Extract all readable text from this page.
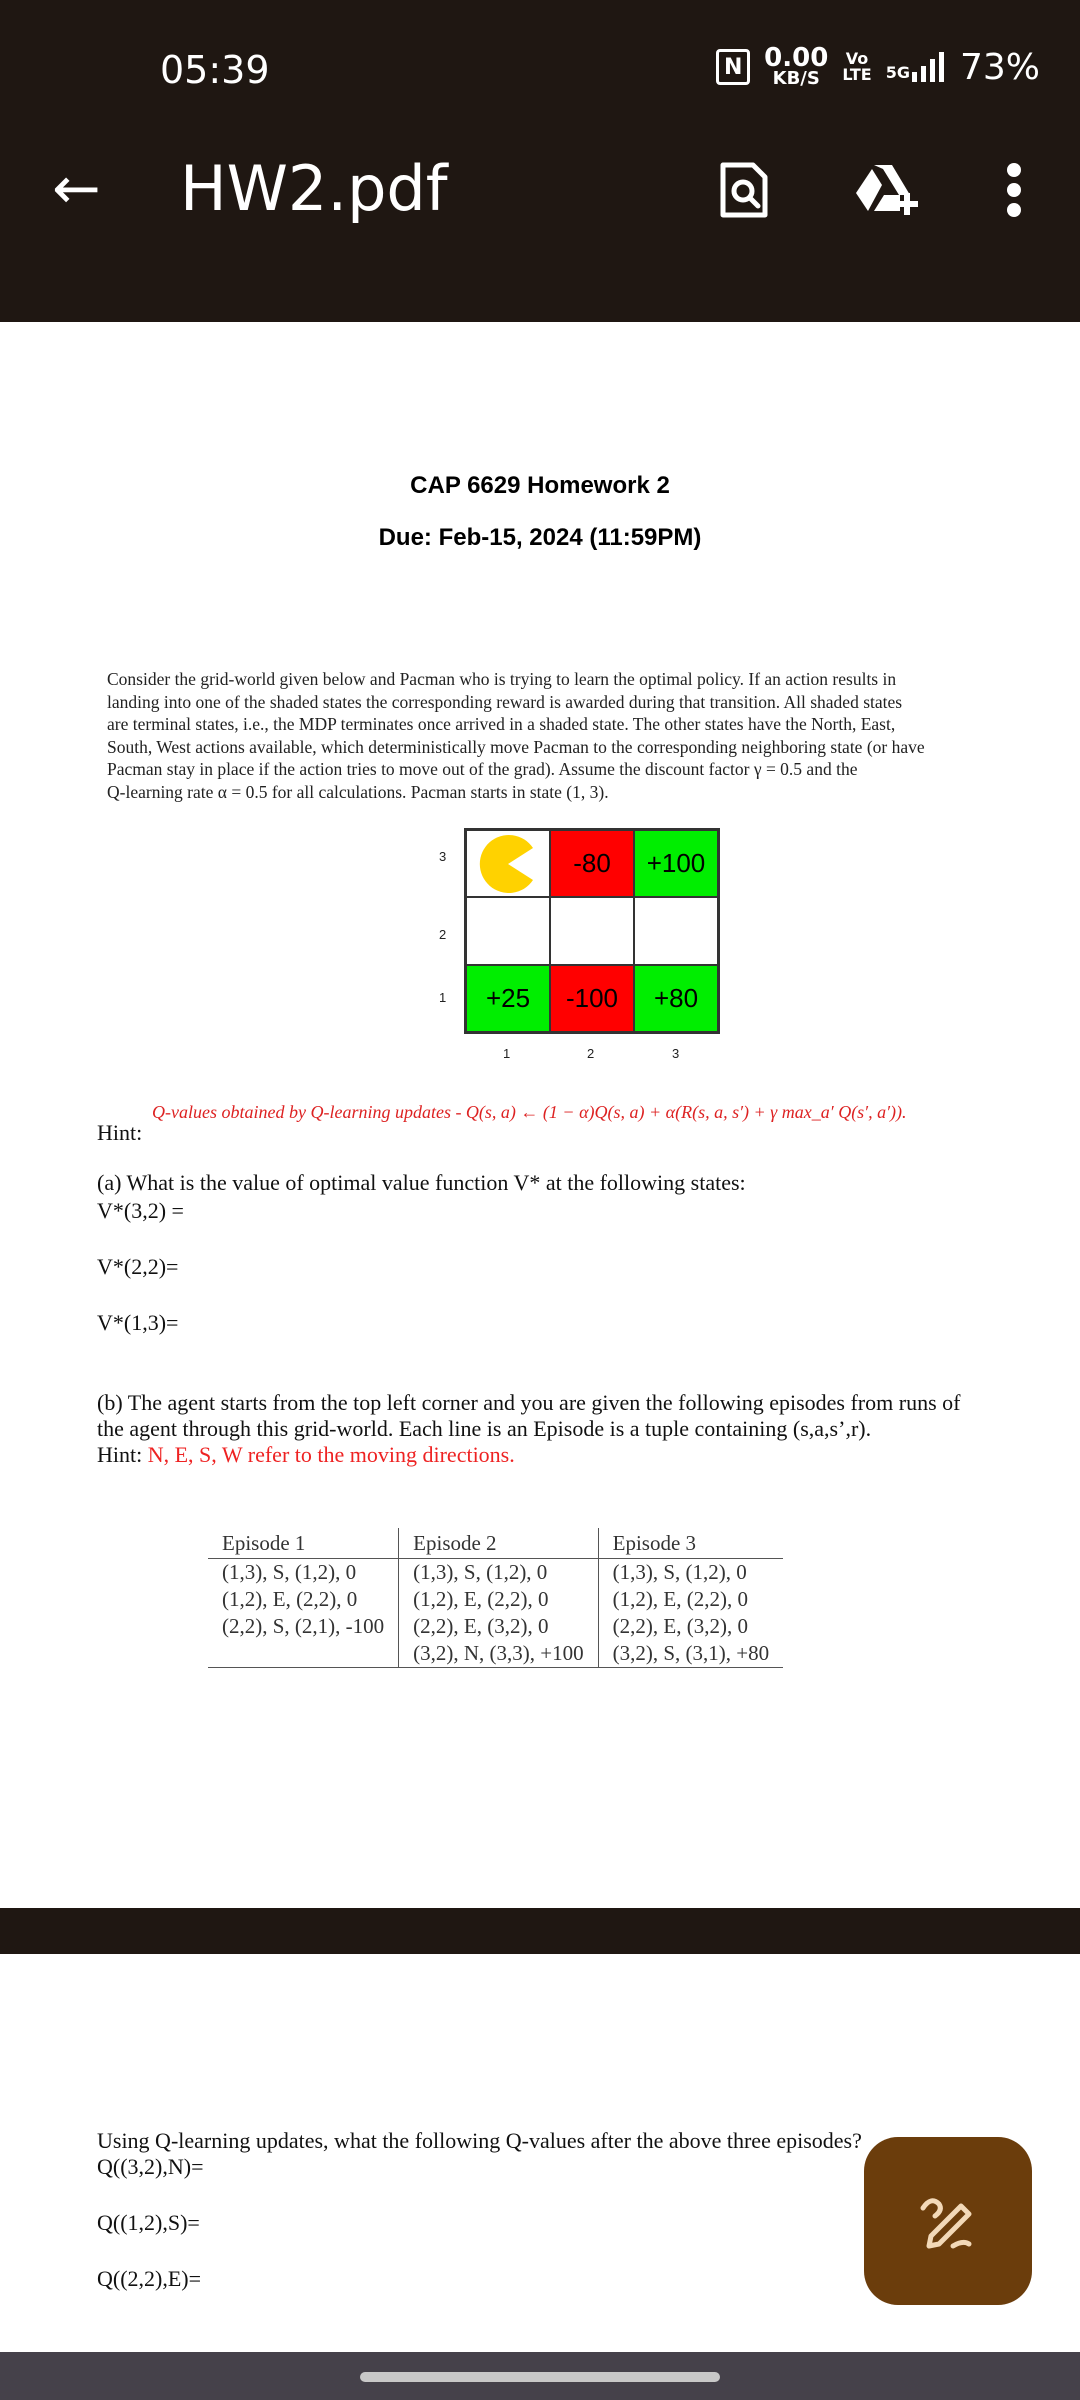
05:39	N 0.00
KB/S
Vo
LTE 5G 73%
← HW2.pdf
CAP 6629 Homework 2
Due: Feb-15, 2024 (11:59PM)
Consider the grid-world given below and Pacman who is trying to learn the optimal policy. If an action results in
landing into one of the shaded states the corresponding reward is awarded during that transition. All shaded states
are terminal states, i.e., the MDP terminates once arrived in a shaded state. The other states have the North, East,
South, West actions available, which deterministically move Pacman to the corresponding neighboring state (or have
Pacman stay in place if the action tries to move out of the grad). Assume the discount factor γ = 0.5 and the
Q-learning rate α = 0.5 for all calculations. Pacman starts in state (1, 3).
3
2
1
-80	+100
+25	-100	+80
1	2	3
Hint:
Q-values obtained by Q-learning updates - Q(s, a) ← (1 − α)Q(s, a) + α(R(s, a, s′) + γ max_a′ Q(s′, a′)).
(a) What is the value of optimal value function V* at the following states:
V*(3,2) =
V*(2,2)=
V*(1,3)=
(b) The agent starts from the top left corner and you are given the following episodes from runs of
the agent through this grid-world. Each line is an Episode is a tuple containing (s,a,s’,r).
Hint: N, E, S, W refer to the moving directions.
Episode 1	Episode 2	Episode 3
(1,3), S, (1,2), 0	(1,3), S, (1,2), 0	(1,3), S, (1,2), 0
(1,2), E, (2,2), 0	(1,2), E, (2,2), 0	(1,2), E, (2,2), 0
(2,2), S, (2,1), -100	(2,2), E, (3,2), 0	(2,2), E, (3,2), 0
	(3,2), N, (3,3), +100	(3,2), S, (3,1), +80
Using Q-learning updates, what the following Q-values after the above three episodes?
Q((3,2),N)=
Q((1,2),S)=
Q((2,2),E)=
